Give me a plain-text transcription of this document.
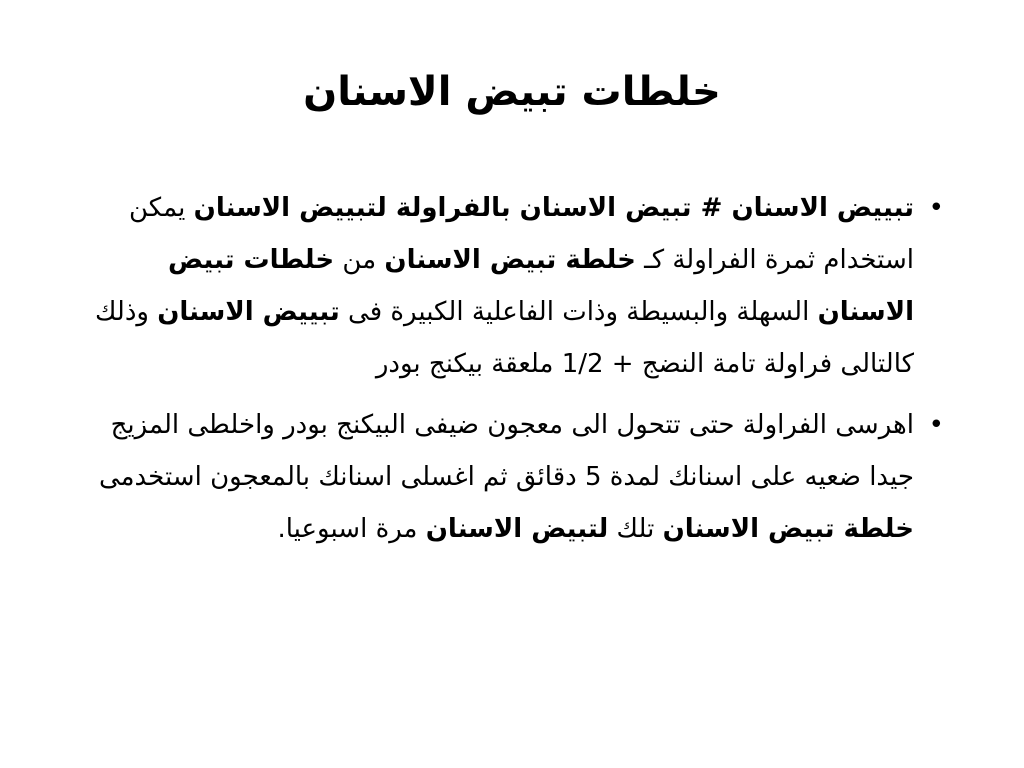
خلطات تبيض الاسنان
•
تبييض الاسنان # تبيض الاسنان بالفراولة لتبييض الاسنان يمكن استخدام ثمرة الفراولة كـ خلطة تبيض الاسنان من خلطات تبيض الاسنان السهلة والبسيطة وذات الفاعلية الكبيرة فى تبييض الاسنان وذلك كالتالى فراولة تامة النضج + 1/2 ملعقة بيكنج بودر
•
اهرسى الفراولة حتى تتحول الى معجون ضيفى البيكنج بودر واخلطى المزيج جيدا ضعيه على اسنانك لمدة 5 دقائق ثم اغسلى اسنانك بالمعجون استخدمى خلطة تبيض الاسنان تلك لتبيض الاسنان مرة اسبوعيا.
